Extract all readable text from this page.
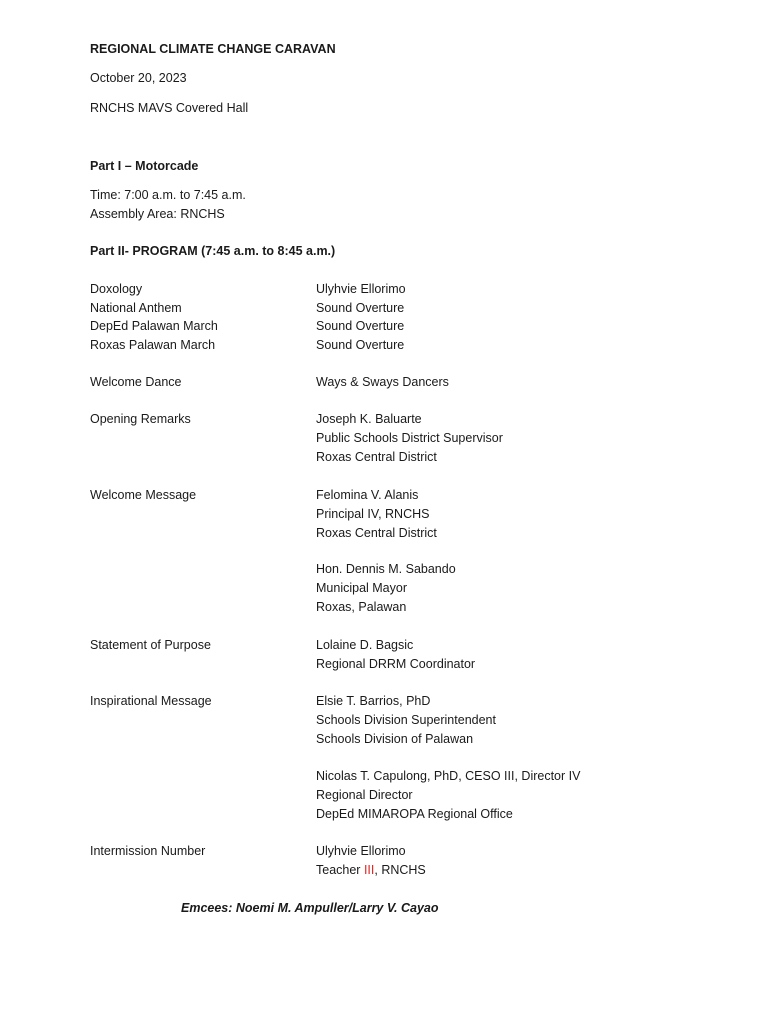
REGIONAL CLIMATE CHANGE CARAVAN
October 20, 2023
RNCHS MAVS Covered Hall
Part I – Motorcade
Time: 7:00 a.m. to 7:45 a.m.
Assembly Area: RNCHS
Part II- PROGRAM (7:45 a.m. to 8:45 a.m.)
Doxology	Ulyhvie Ellorimo
National Anthem	Sound Overture
DepEd Palawan March	Sound Overture
Roxas Palawan March	Sound Overture
Welcome Dance	Ways & Sways Dancers
Opening Remarks	Joseph K. Baluarte
Public Schools District Supervisor
Roxas Central District
Welcome Message	Felomina V. Alanis
Principal IV, RNCHS
Roxas Central District
Hon. Dennis M. Sabando
Municipal Mayor
Roxas, Palawan
Statement of Purpose	Lolaine D. Bagsic
Regional DRRM Coordinator
Inspirational Message	Elsie T. Barrios, PhD
Schools Division Superintendent
Schools Division of Palawan
Nicolas T. Capulong, PhD, CESO III, Director IV
Regional Director
DepEd MIMAROPA Regional Office
Intermission Number	Ulyhvie Ellorimo
Teacher III, RNCHS
Emcees: Noemi M. Ampuller/Larry V. Cayao
